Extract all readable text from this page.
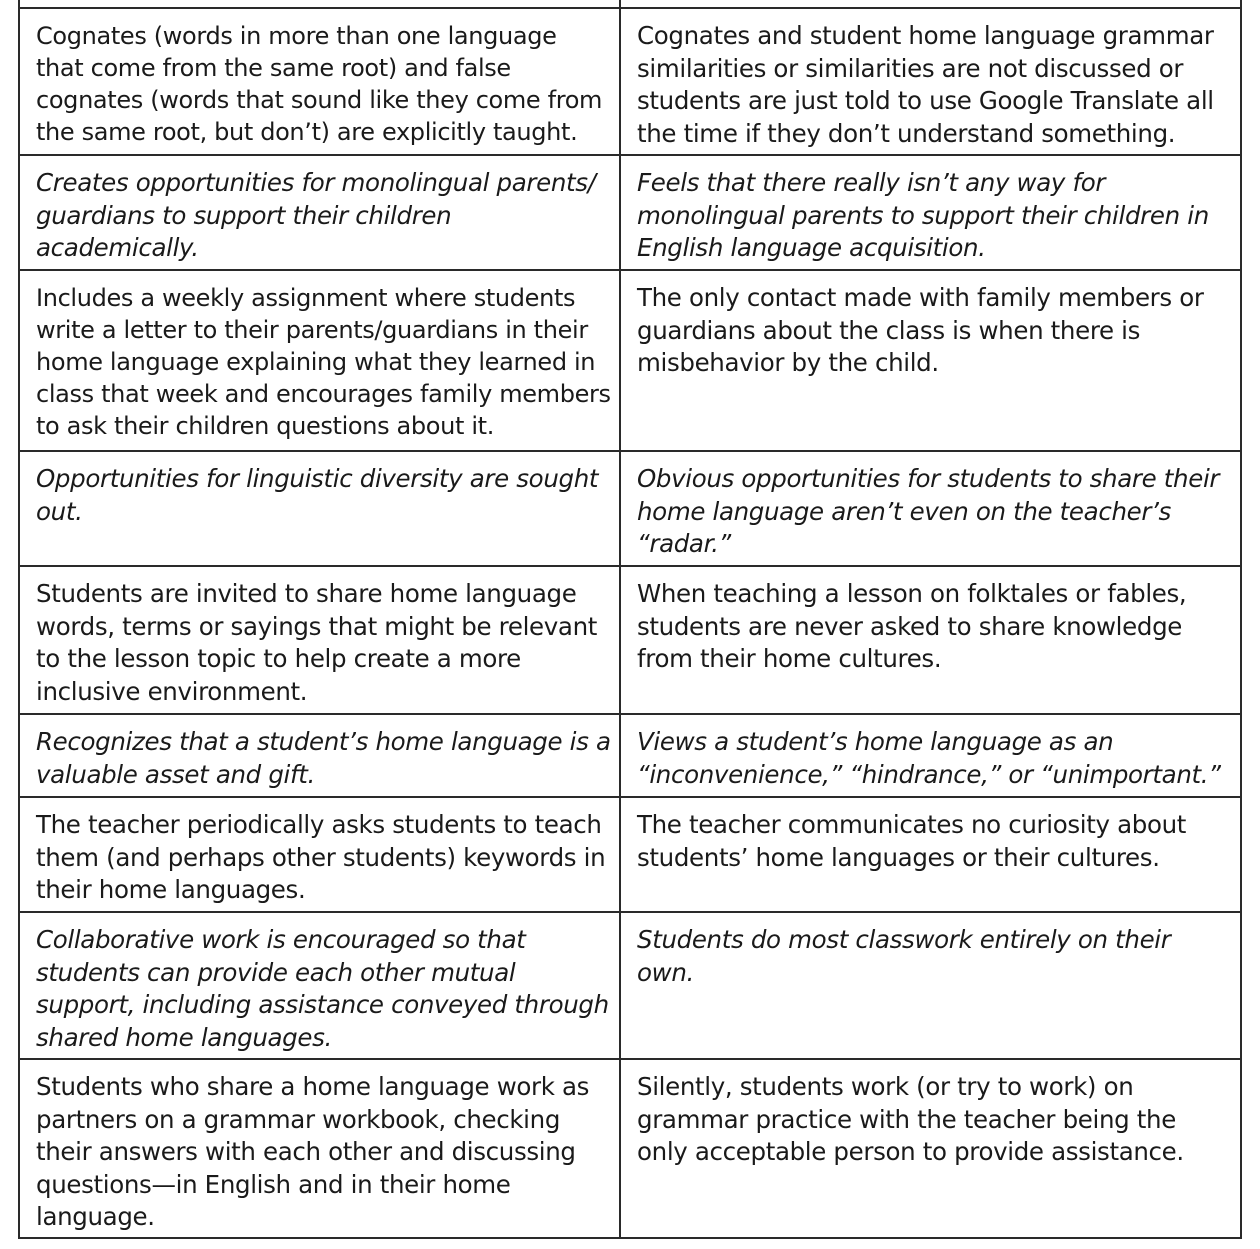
Cognates (words in more than one language that come from the same root) and false cognates (words that sound like they come from the same root, but don’t) are explicitly taught.
Cognates and student home language grammar similarities or similarities are not discussed or students are just told to use Google Translate all the time if they don’t understand something.
Creates opportunities for monolingual parents/ guardians to support their children academically.
Feels that there really isn’t any way for monolingual parents to support their children in English language acquisition.
Includes a weekly assignment where students write a letter to their parents/guardians in their home language explaining what they learned in class that week and encourages family members to ask their children questions about it.
The only contact made with family members or guardians about the class is when there is misbehavior by the child.
Opportunities for linguistic diversity are sought out.
Obvious opportunities for students to share their home language aren’t even on the teacher’s “radar.”
Students are invited to share home language words, terms or sayings that might be relevant to the lesson topic to help create a more inclusive environment.
When teaching a lesson on folktales or fables, students are never asked to share knowledge from their home cultures.
Recognizes that a student’s home language is a valuable asset and gift.
Views a student’s home language as an “inconvenience,” “hindrance,” or “unimportant.”
The teacher periodically asks students to teach them (and perhaps other students) keywords in their home languages.
The teacher communicates no curiosity about students’ home languages or their cultures.
Collaborative work is encouraged so that students can provide each other mutual support, including assistance conveyed through shared home languages.
Students do most classwork entirely on their own.
Students who share a home language work as partners on a grammar workbook, checking their answers with each other and discussing questions—in English and in their home language.
Silently, students work (or try to work) on grammar practice with the teacher being the only acceptable person to provide assistance.
